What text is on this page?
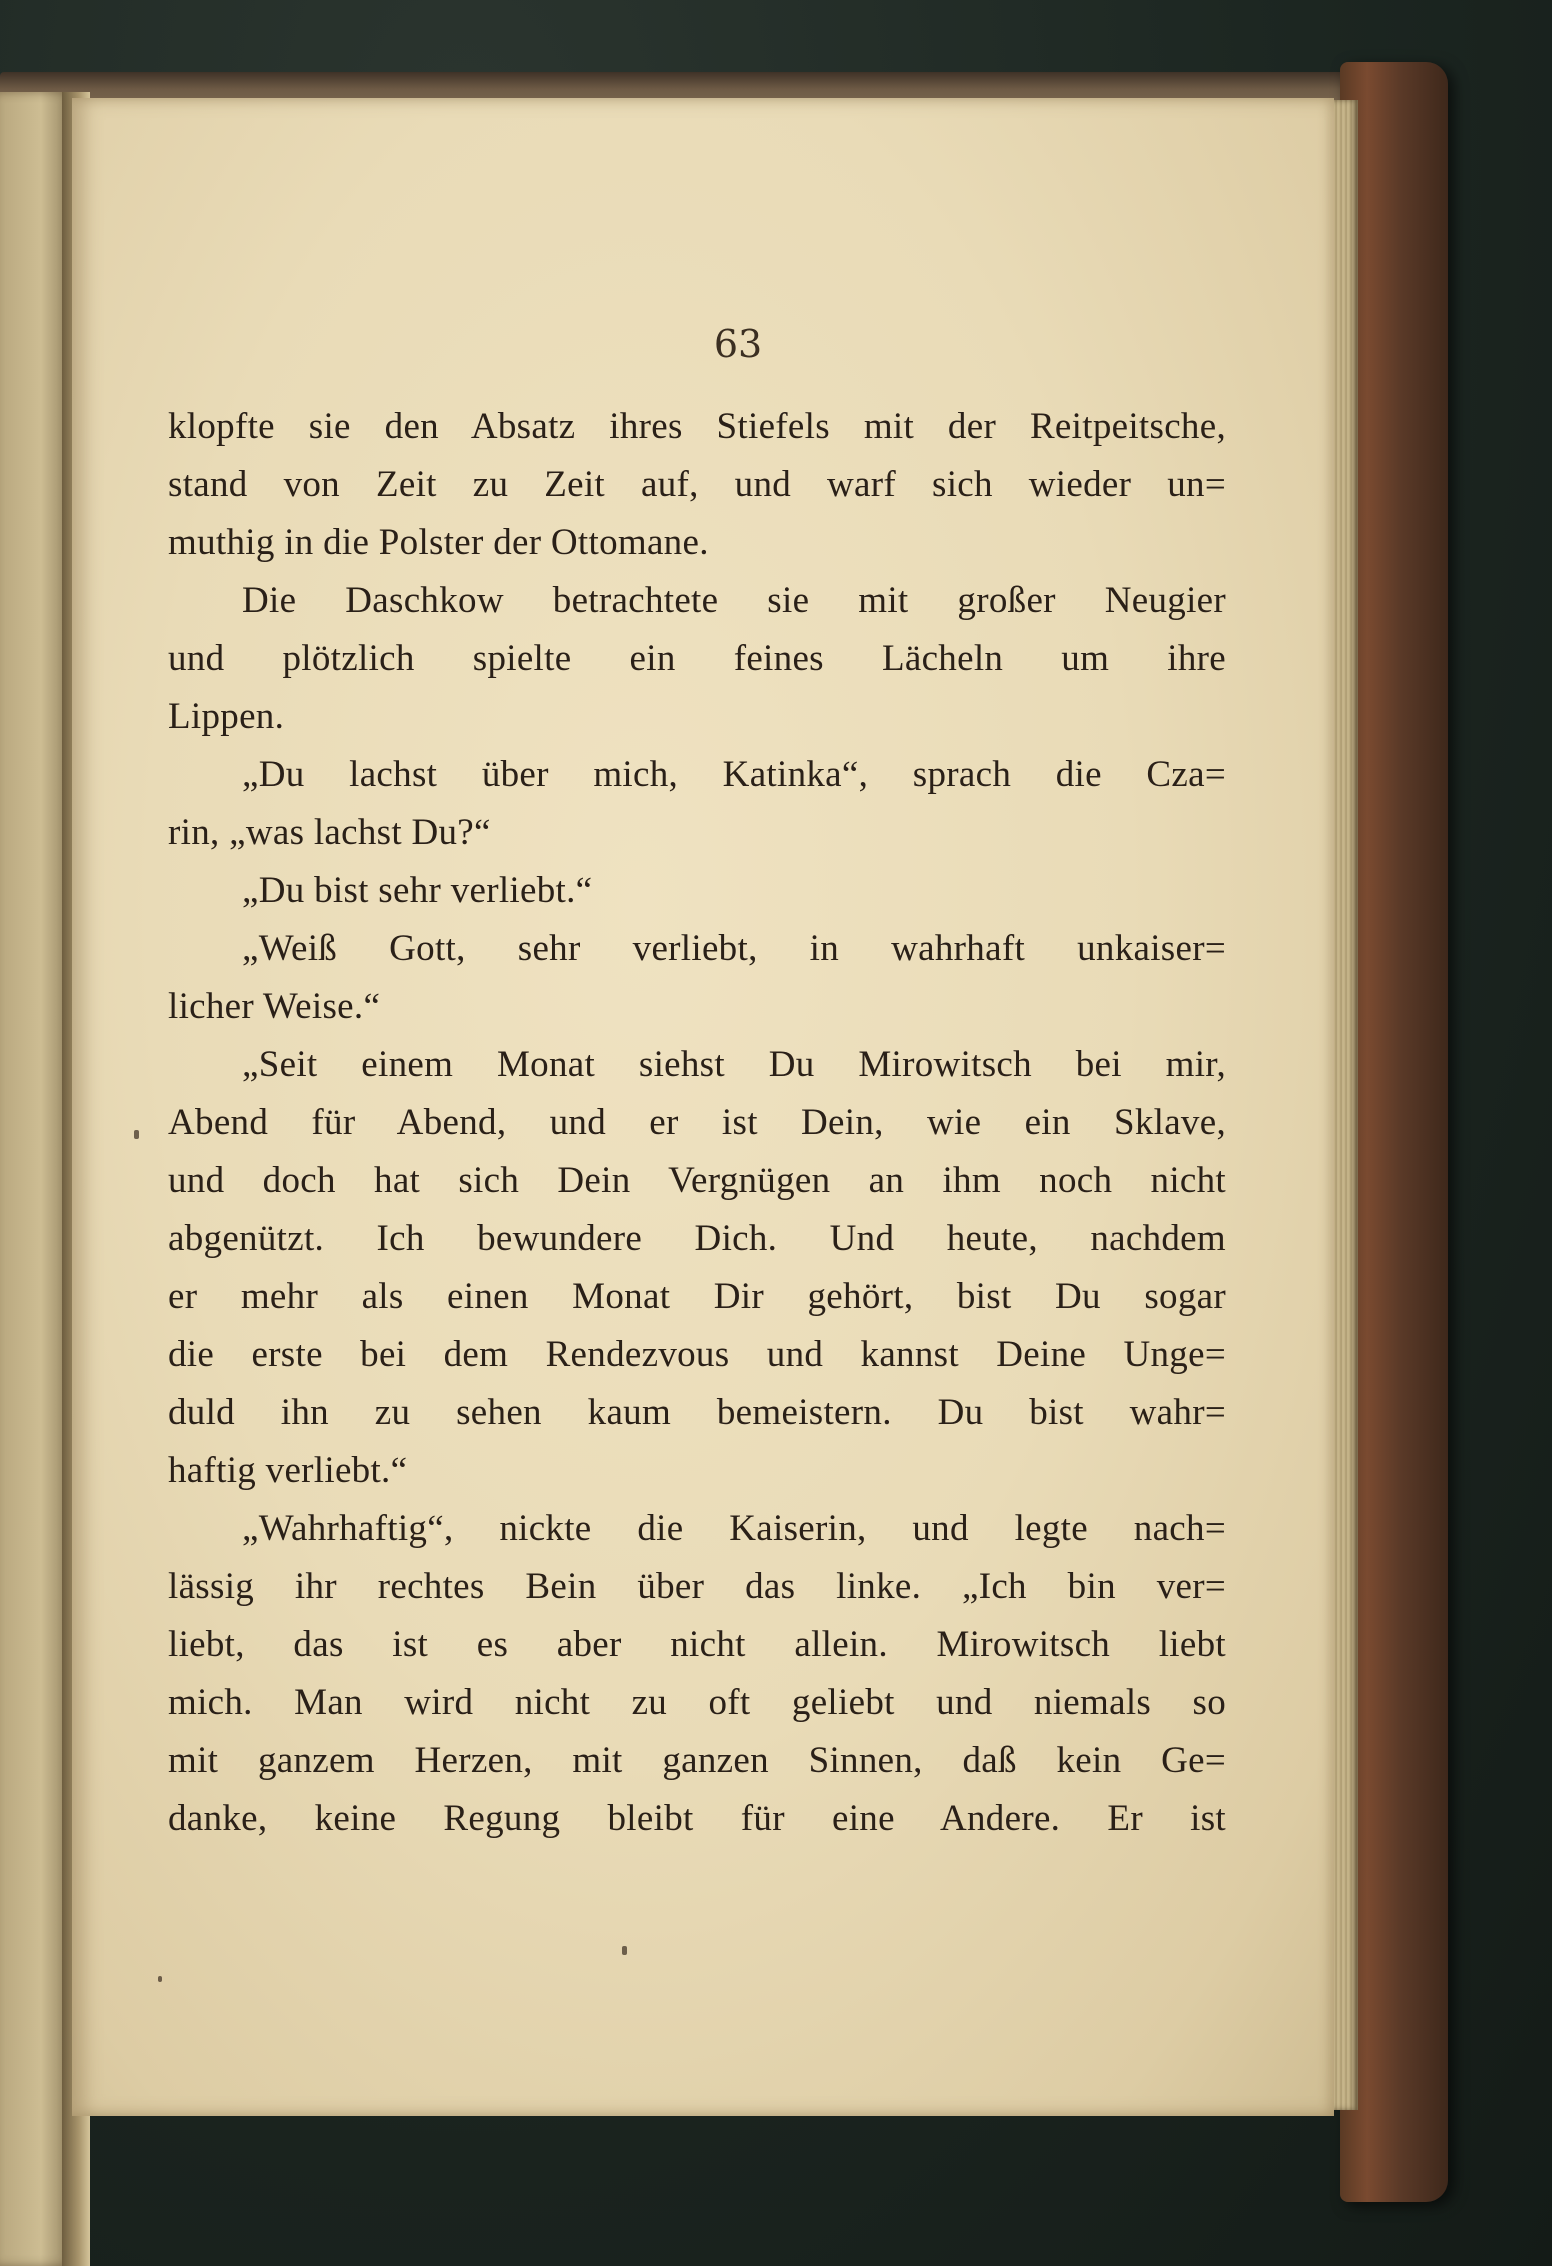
63
klopfte sie den Absatz ihres Stiefels mit der Reitpeitsche,
stand von Zeit zu Zeit auf, und warf sich wieder un=
muthig in die Polster der Ottomane.
Die Daschkow betrachtete sie mit großer Neugier
und plötzlich spielte ein feines Lächeln um ihre
Lippen.
„Du lachst über mich, Katinka“, sprach die Cza=
rin, „was lachst Du?“
„Du bist sehr verliebt.“
„Weiß Gott, sehr verliebt, in wahrhaft unkaiser=
licher Weise.“
„Seit einem Monat siehst Du Mirowitsch bei mir,
Abend für Abend, und er ist Dein, wie ein Sklave,
und doch hat sich Dein Vergnügen an ihm noch nicht
abgenützt. Ich bewundere Dich. Und heute, nachdem
er mehr als einen Monat Dir gehört, bist Du sogar
die erste bei dem Rendezvous und kannst Deine Unge=
duld ihn zu sehen kaum bemeistern. Du bist wahr=
haftig verliebt.“
„Wahrhaftig“, nickte die Kaiserin, und legte nach=
lässig ihr rechtes Bein über das linke. „Ich bin ver=
liebt, das ist es aber nicht allein. Mirowitsch liebt
mich. Man wird nicht zu oft geliebt und niemals so
mit ganzem Herzen, mit ganzen Sinnen, daß kein Ge=
danke, keine Regung bleibt für eine Andere. Er ist
